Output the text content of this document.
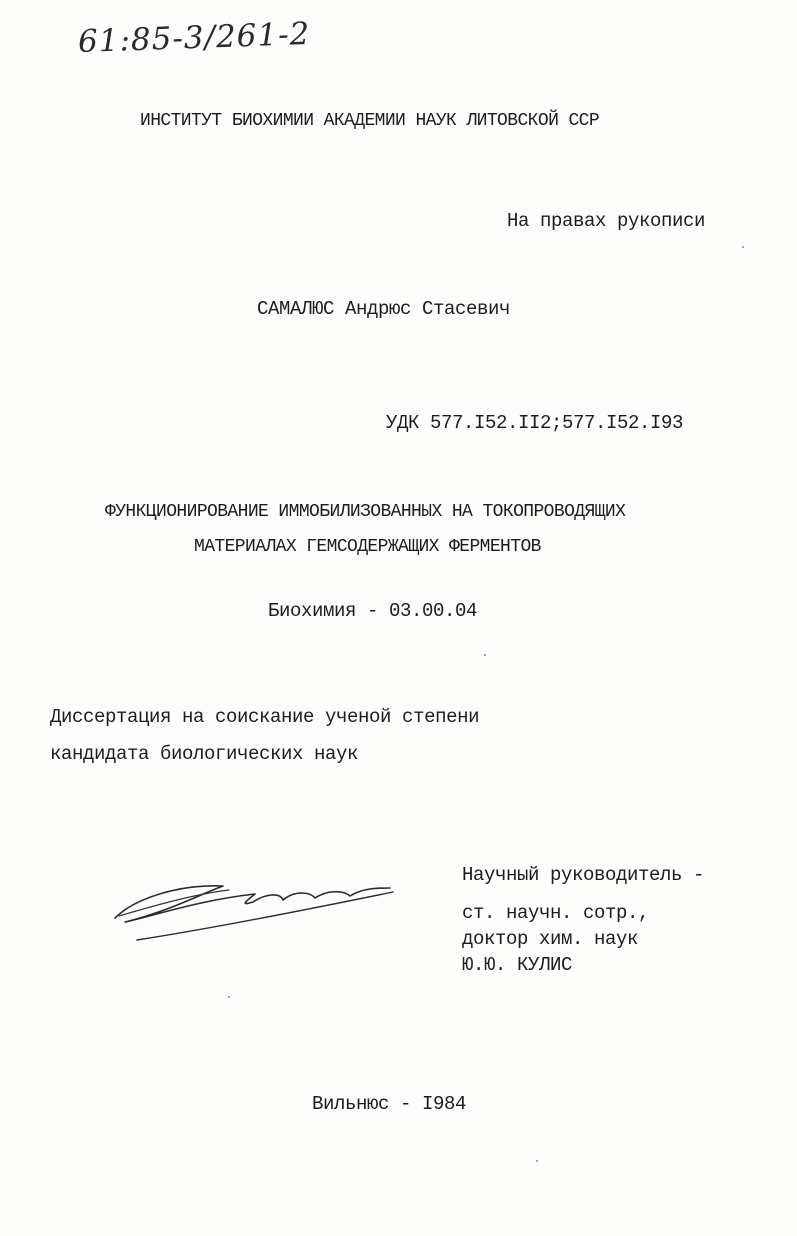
61:85-3/261-2
ИНСТИТУТ БИОХИМИИ АКАДЕМИИ НАУК ЛИТОВСКОЙ ССР
На правах рукописи
САМАЛЮС Андрюс Стасевич
УДК 577.I52.II2;577.I52.I93
ФУНКЦИОНИРОВАНИЕ ИММОБИЛИЗОВАННЫХ НА ТОКОПРОВОДЯЩИХ
МАТЕРИАЛАХ ГЕМСОДЕРЖАЩИХ ФЕРМЕНТОВ
Биохимия - 03.00.04
Диссертация на соискание ученой степени
кандидата биологических наук
Научный руководитель -
ст. научн. сотр.,
доктор хим. наук
Ю.Ю. КУЛИС
Вильнюс - I984
